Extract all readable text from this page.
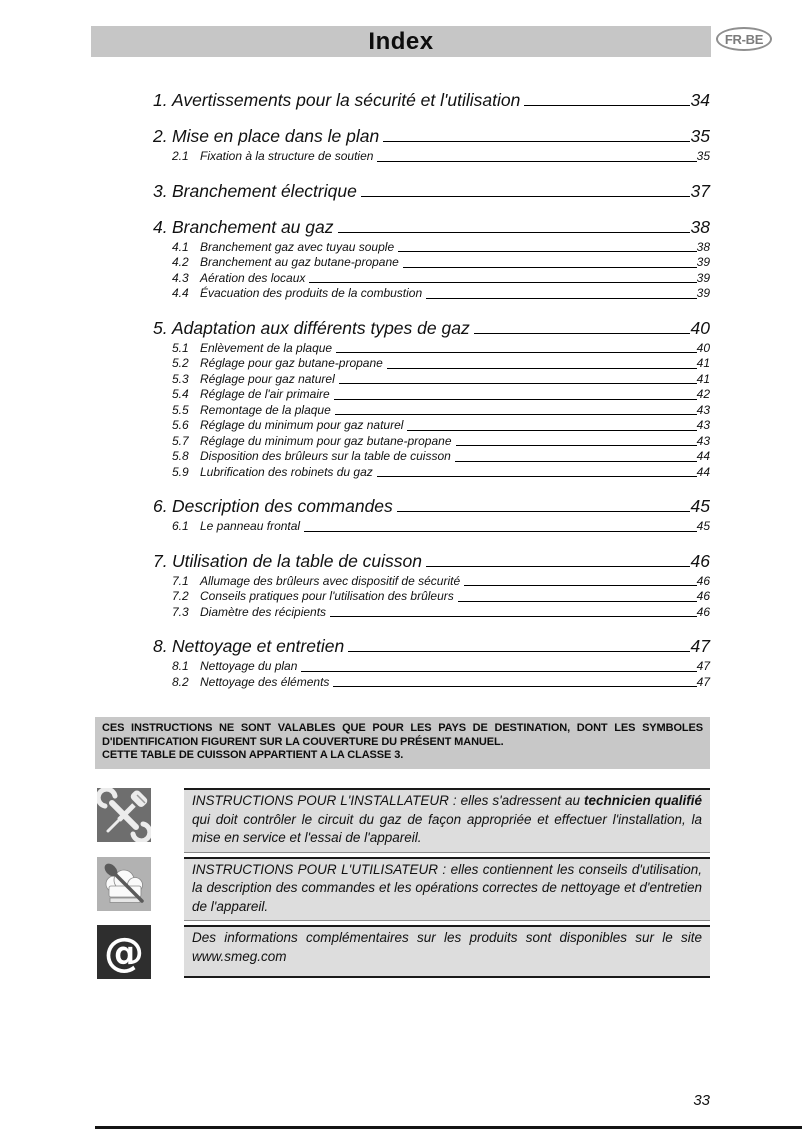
Index	FR-BE
1. Avertissements pour la sécurité et l'utilisation	34
2. Mise en place dans le plan	35
2.1 Fixation à la structure de soutien	35
3. Branchement électrique	37
4. Branchement au gaz	38
4.1 Branchement gaz avec tuyau souple	38
4.2 Branchement au gaz butane-propane	39
4.3 Aération des locaux	39
4.4 Évacuation des produits de la combustion	39
5. Adaptation aux différents types de gaz	40
5.1 Enlèvement de la plaque	40
5.2 Réglage pour gaz butane-propane	41
5.3 Réglage pour gaz naturel	41
5.4 Réglage de l'air primaire	42
5.5 Remontage de la plaque	43
5.6 Réglage du minimum pour gaz naturel	43
5.7 Réglage du minimum pour gaz butane-propane	43
5.8 Disposition des brûleurs sur la table de cuisson	44
5.9 Lubrification des robinets du gaz	44
6. Description des commandes	45
6.1 Le panneau frontal	45
7. Utilisation de la table de cuisson	46
7.1 Allumage des brûleurs avec dispositif de sécurité	46
7.2 Conseils pratiques pour l'utilisation des brûleurs	46
7.3 Diamètre des récipients	46
8. Nettoyage et entretien	47
8.1 Nettoyage du plan	47
8.2 Nettoyage des éléments	47
CES INSTRUCTIONS NE SONT VALABLES QUE POUR LES PAYS DE DESTINATION, DONT LES SYMBOLES D'IDENTIFICATION FIGURENT SUR LA COUVERTURE DU PRÉSENT MANUEL.
CETTE TABLE DE CUISSON APPARTIENT A LA CLASSE 3.
INSTRUCTIONS POUR L'INSTALLATEUR : elles s'adressent au technicien qualifié qui doit contrôler le circuit du gaz de façon appropriée et effectuer l'installation, la mise en service et l'essai de l'appareil.
INSTRUCTIONS POUR L'UTILISATEUR : elles contiennent les conseils d'utilisation, la description des commandes et les opérations correctes de nettoyage et d'entretien de l'appareil.
@	Des informations complémentaires sur les produits sont disponibles sur le site www.smeg.com
33
